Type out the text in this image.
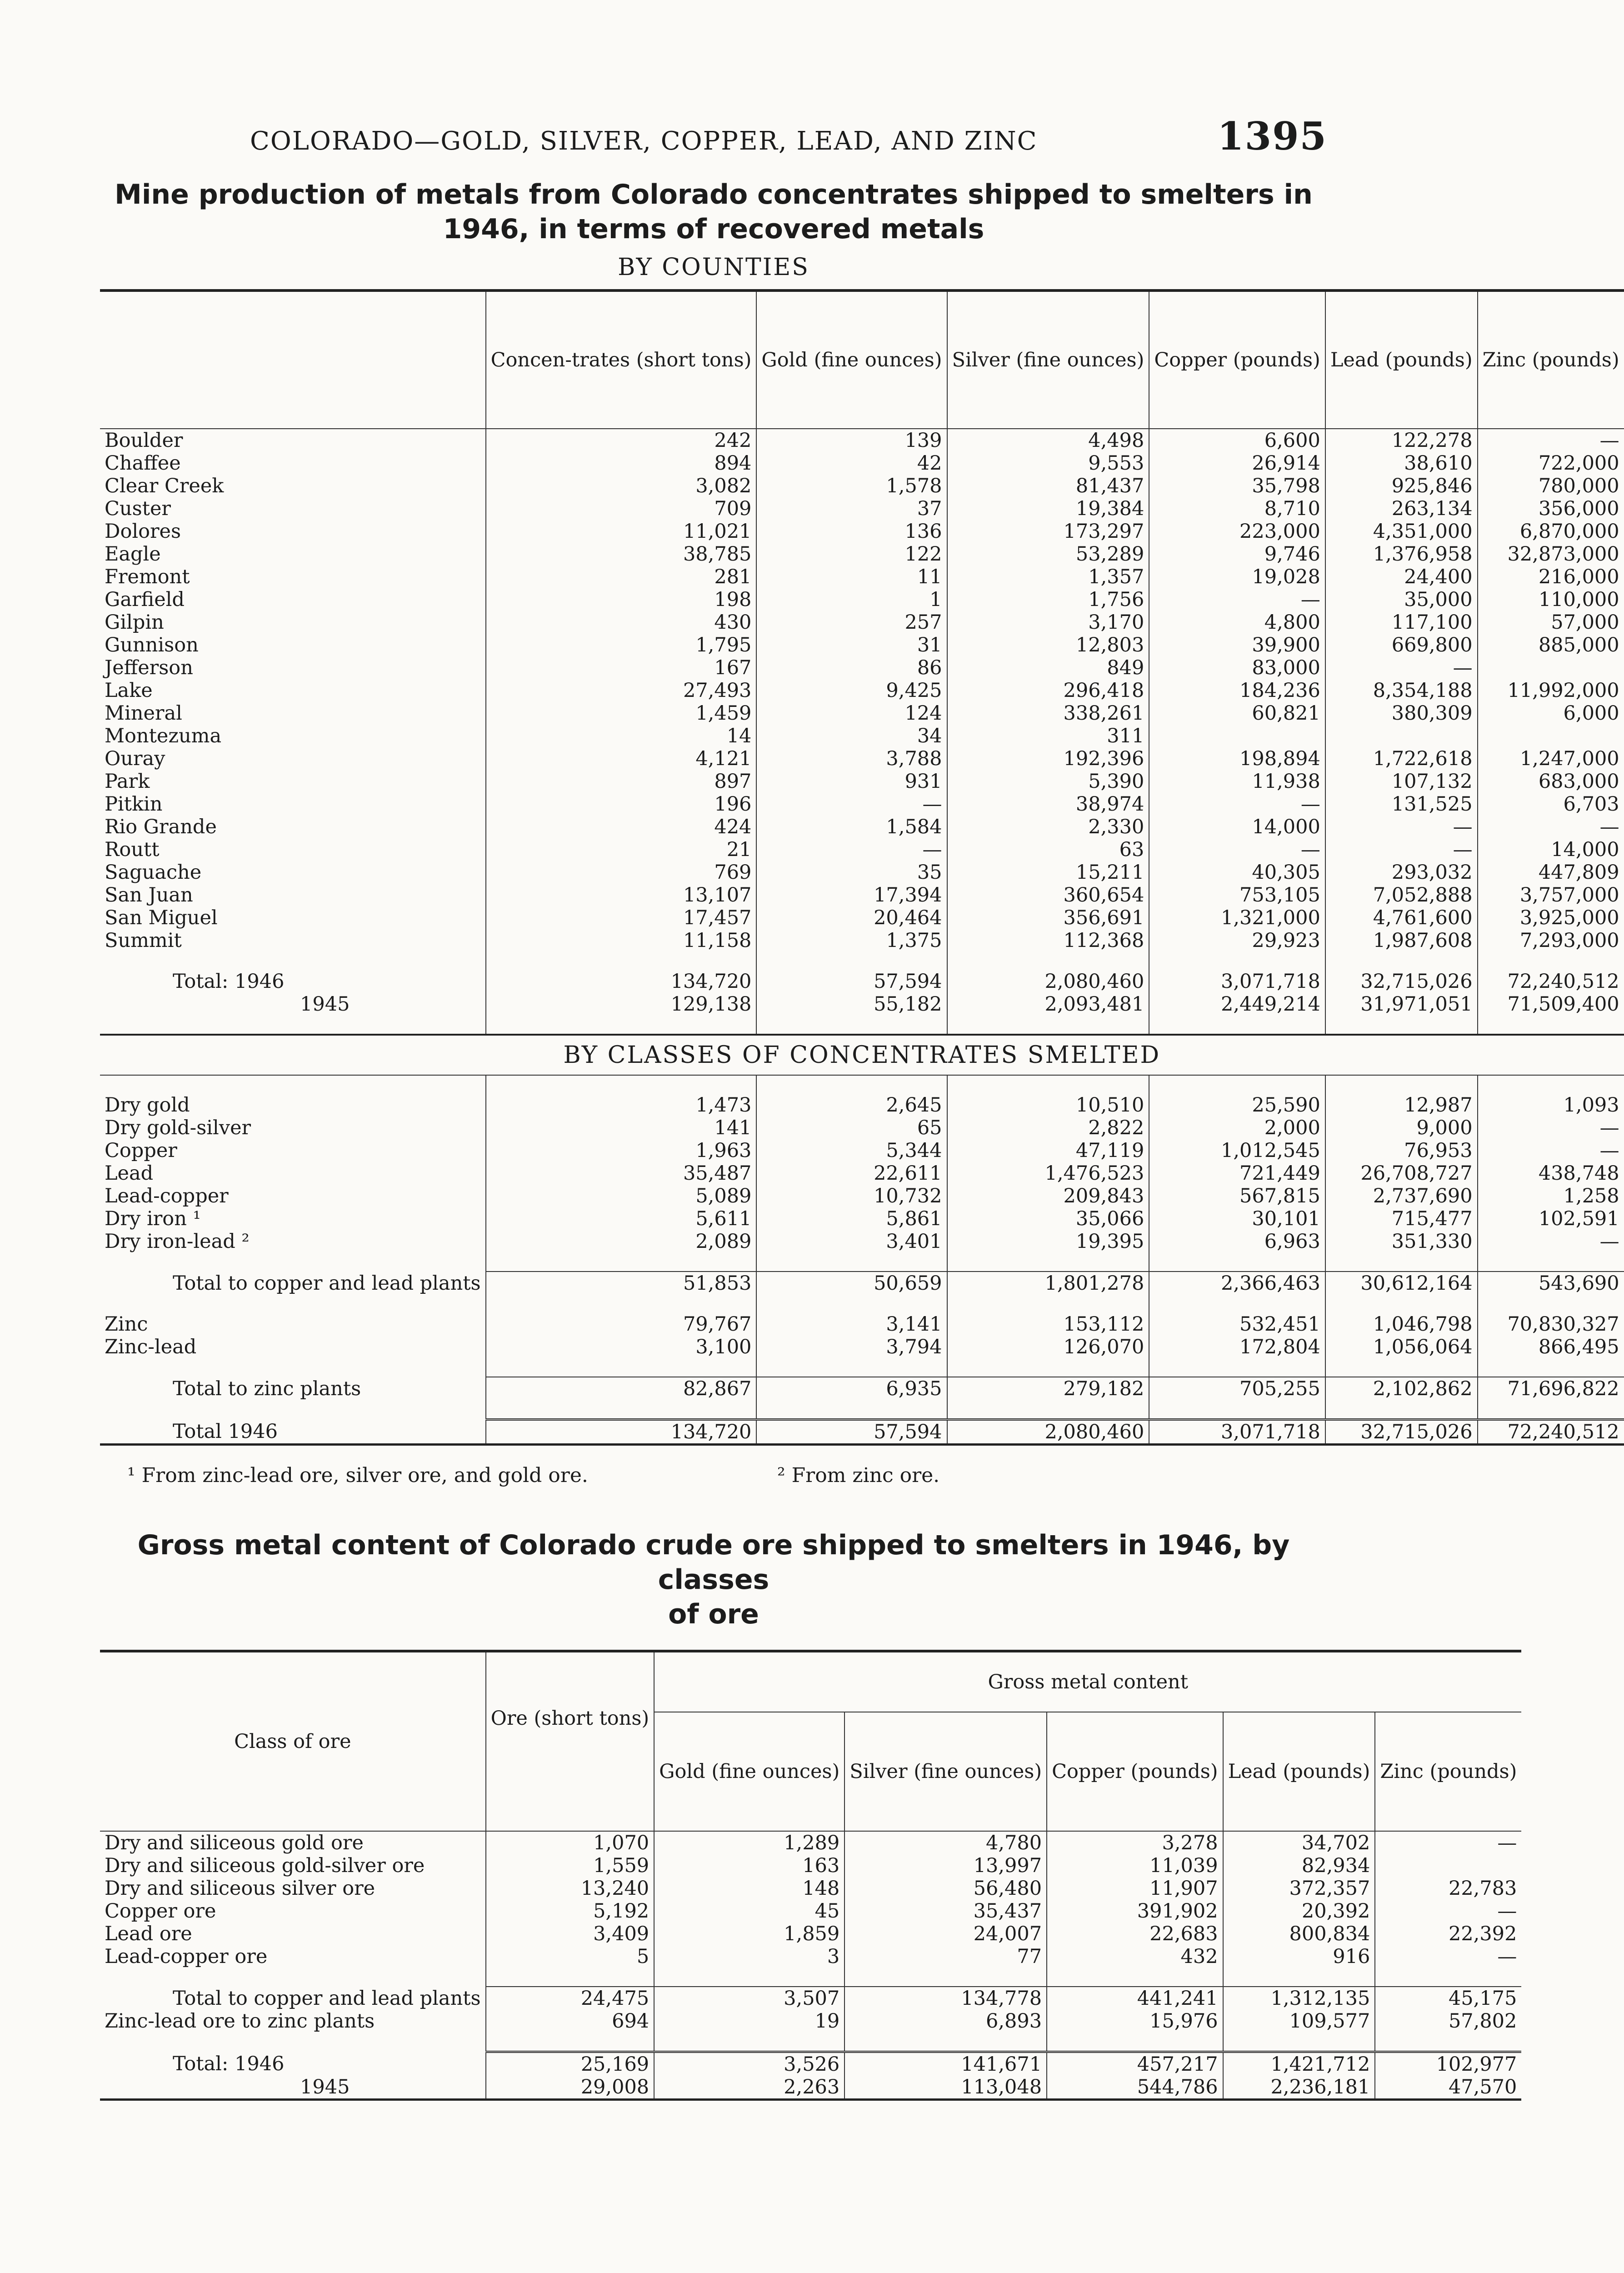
COLORADO—GOLD, SILVER, COPPER, LEAD, AND ZINC	1395
Mine production of metals from Colorado concentrates shipped to smelters in
1946, in terms of recovered metals
BY COUNTIES
	Concen-trates (short tons)	Gold (fine ounces)	Silver (fine ounces)	Copper (pounds)	Lead (pounds)	Zinc (pounds)
Boulder	242	139	4,498	6,600	122,278	—
Chaffee	894	42	9,553	26,914	38,610	722,000
Clear Creek	3,082	1,578	81,437	35,798	925,846	780,000
Custer	709	37	19,384	8,710	263,134	356,000
Dolores	11,021	136	173,297	223,000	4,351,000	6,870,000
Eagle	38,785	122	53,289	9,746	1,376,958	32,873,000
Fremont	281	11	1,357	19,028	24,400	216,000
Garfield	198	1	1,756	—	35,000	110,000
Gilpin	430	257	3,170	4,800	117,100	57,000
Gunnison	1,795	31	12,803	39,900	669,800	885,000
Jefferson	167	86	849	83,000	—	
Lake	27,493	9,425	296,418	184,236	8,354,188	11,992,000
Mineral	1,459	124	338,261	60,821	380,309	6,000
Montezuma	14	34	311			
Ouray	4,121	3,788	192,396	198,894	1,722,618	1,247,000
Park	897	931	5,390	11,938	107,132	683,000
Pitkin	196	—	38,974	—	131,525	6,703
Rio Grande	424	1,584	2,330	14,000	—	—
Routt	21	—	63	—	—	14,000
Saguache	769	35	15,211	40,305	293,032	447,809
San Juan	13,107	17,394	360,654	753,105	7,052,888	3,757,000
San Miguel	17,457	20,464	356,691	1,321,000	4,761,600	3,925,000
Summit	11,158	1,375	112,368	29,923	1,987,608	7,293,000

Total: 1946	134,720	57,594	2,080,460	3,071,718	32,715,026	72,240,512
1945	129,138	55,182	2,093,481	2,449,214	31,971,051	71,509,400

BY CLASSES OF CONCENTRATES SMELTED						

Dry gold	1,473	2,645	10,510	25,590	12,987	1,093
Dry gold-silver	141	65	2,822	2,000	9,000	—
Copper	1,963	5,344	47,119	1,012,545	76,953	—
Lead	35,487	22,611	1,476,523	721,449	26,708,727	438,748
Lead-copper	5,089	10,732	209,843	567,815	2,737,690	1,258
Dry iron ¹	5,611	5,861	35,066	30,101	715,477	102,591
Dry iron-lead ²	2,089	3,401	19,395	6,963	351,330	—

Total to copper and lead plants	51,853	50,659	1,801,278	2,366,463	30,612,164	543,690

Zinc	79,767	3,141	153,112	532,451	1,046,798	70,830,327
Zinc-lead	3,100	3,794	126,070	172,804	1,056,064	866,495

Total to zinc plants	82,867	6,935	279,182	705,255	2,102,862	71,696,822

Total 1946	134,720	57,594	2,080,460	3,071,718	32,715,026	72,240,512
¹ From zinc-lead ore, silver ore, and gold ore.	² From zinc ore.
Gross metal content of Colorado crude ore shipped to smelters in 1946, by classes
of ore
Class of ore	Ore (short tons)	Gross metal content				
		Gold (fine ounces)	Silver (fine ounces)	Copper (pounds)	Lead (pounds)	Zinc (pounds)
Dry and siliceous gold ore	1,070	1,289	4,780	3,278	34,702	—
Dry and siliceous gold-silver ore	1,559	163	13,997	11,039	82,934	
Dry and siliceous silver ore	13,240	148	56,480	11,907	372,357	22,783
Copper ore	5,192	45	35,437	391,902	20,392	—
Lead ore	3,409	1,859	24,007	22,683	800,834	22,392
Lead-copper ore	5	3	77	432	916	—

Total to copper and lead plants	24,475	3,507	134,778	441,241	1,312,135	45,175
Zinc-lead ore to zinc plants	694	19	6,893	15,976	109,577	57,802

Total: 1946	25,169	3,526	141,671	457,217	1,421,712	102,977
1945	29,008	2,263	113,048	544,786	2,236,181	47,570
